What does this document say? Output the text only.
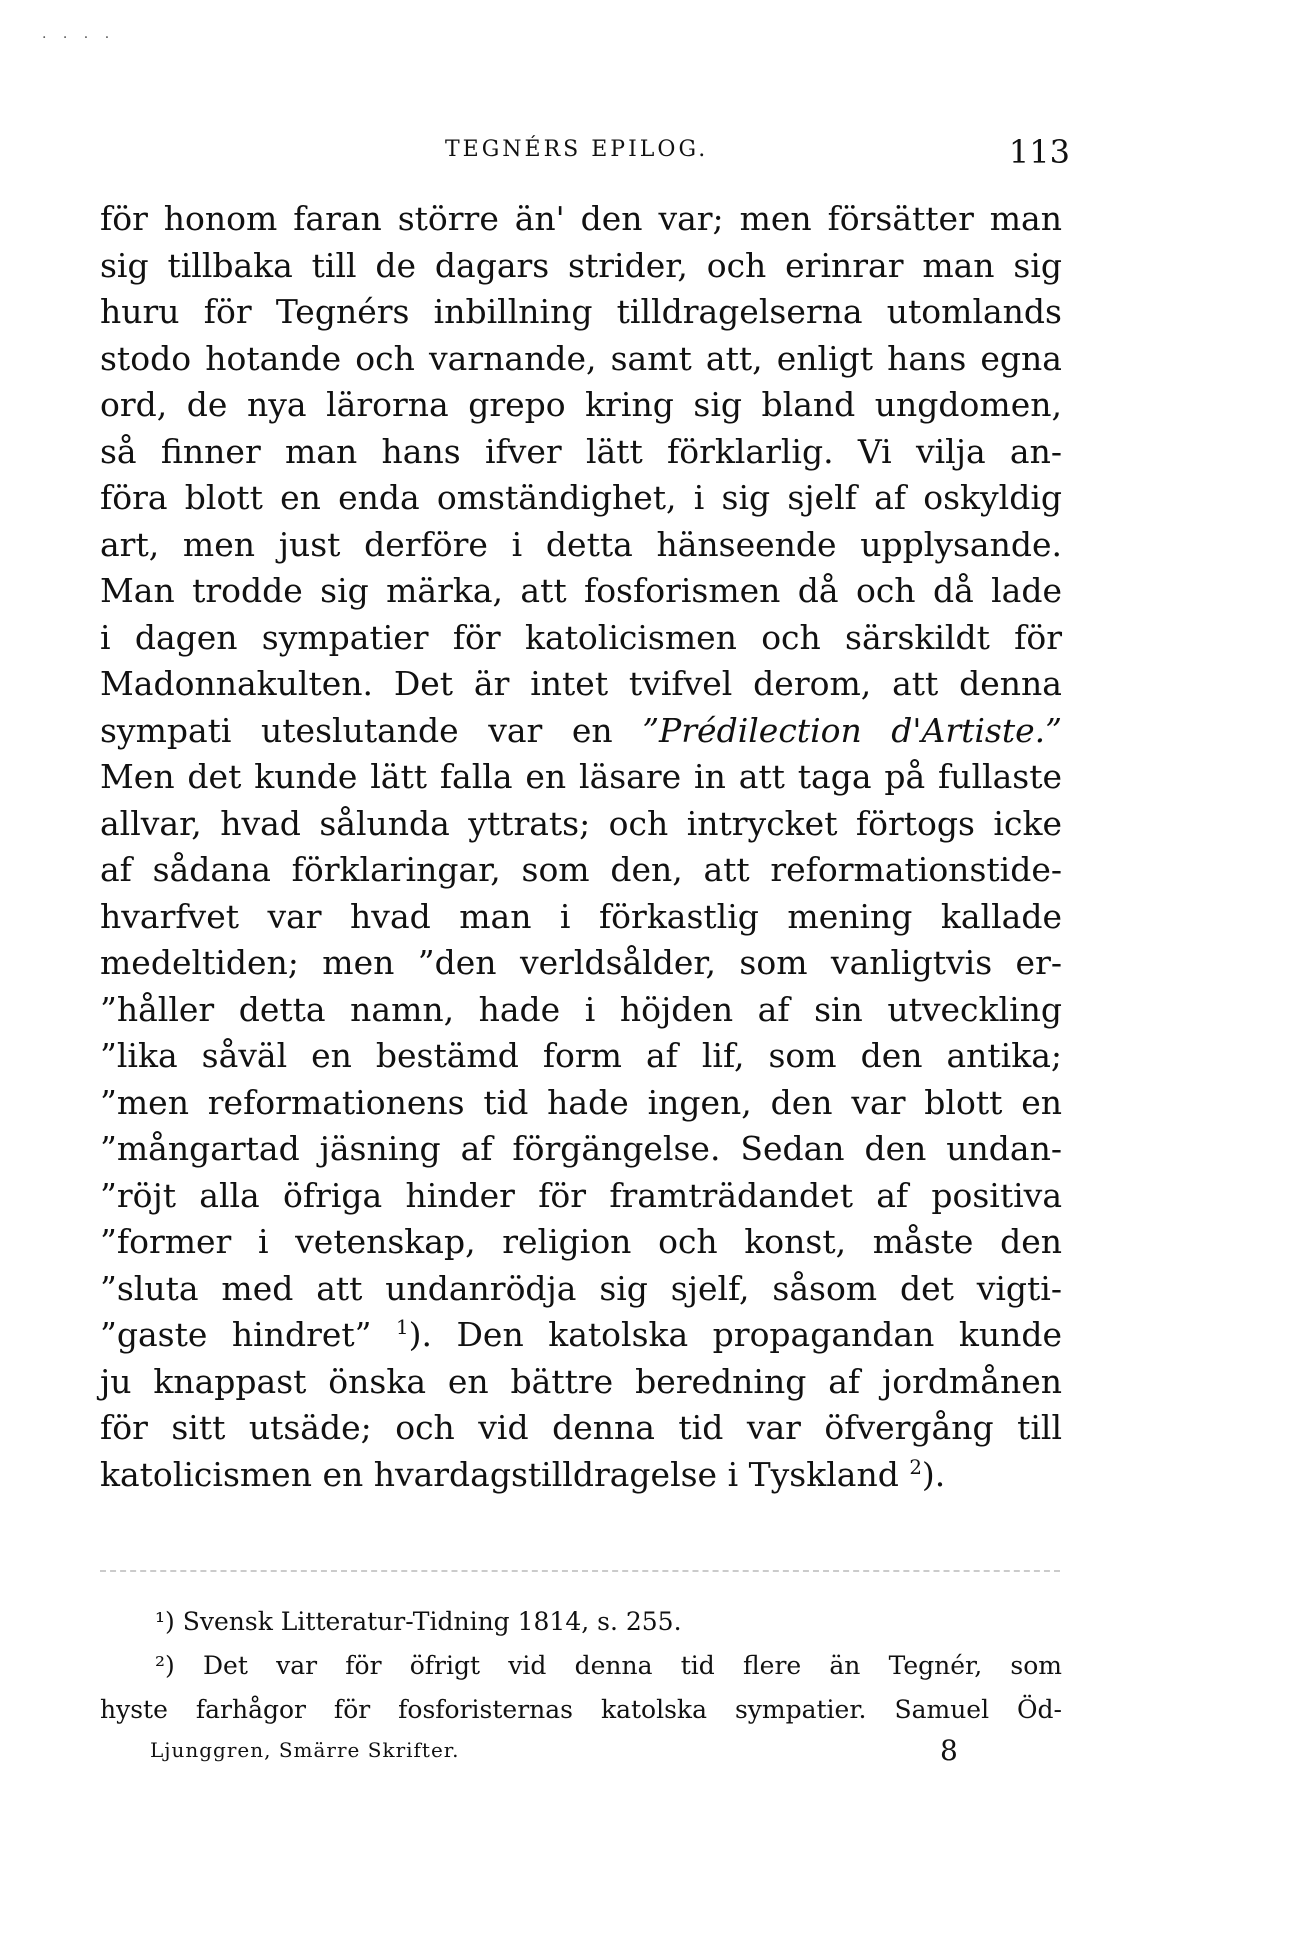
· · · ·
TEGNÉRS EPILOG.	113
för honom faran större än' den var; men försätter man
sig tillbaka till de dagars strider, och erinrar man sig
huru för Tegnérs inbillning tilldragelserna utomlands
stodo hotande och varnande, samt att, enligt hans egna
ord, de nya lärorna grepo kring sig bland ungdomen,
så finner man hans ifver lätt förklarlig. Vi vilja an-
föra blott en enda omständighet, i sig sjelf af oskyldig
art, men just derföre i detta hänseende upplysande.
Man trodde sig märka, att fosforismen då och då lade
i dagen sympatier för katolicismen och särskildt för
Madonnakulten. Det är intet tvifvel derom, att denna
sympati uteslutande var en ”Prédilection d'Artiste.”
Men det kunde lätt falla en läsare in att taga på fullaste
allvar, hvad sålunda yttrats; och intrycket förtogs icke
af sådana förklaringar, som den, att reformationstide-
hvarfvet var hvad man i förkastlig mening kallade
medeltiden; men ”den verldsålder, som vanligtvis er-
”håller detta namn, hade i höjden af sin utveckling
”lika såväl en bestämd form af lif, som den antika;
”men reformationens tid hade ingen, den var blott en
”mångartad jäsning af förgängelse. Sedan den undan-
”röjt alla öfriga hinder för framträdandet af positiva
”former i vetenskap, religion och konst, måste den
”sluta med att undanrödja sig sjelf, såsom det vigti-
”gaste hindret” $^1$). Den katolska propagandan kunde
ju knappast önska en bättre beredning af jordmånen
för sitt utsäde; och vid denna tid var öfvergång till
katolicismen en hvardagstilldragelse i Tyskland $^2$).
¹) Svensk Litteratur-Tidning 1814, s. 255.
²) Det var för öfrigt vid denna tid flere än Tegnér, som
hyste farhågor för fosforisternas katolska sympatier. Samuel Öd-
Ljunggren, Smärre Skrifter.	8
